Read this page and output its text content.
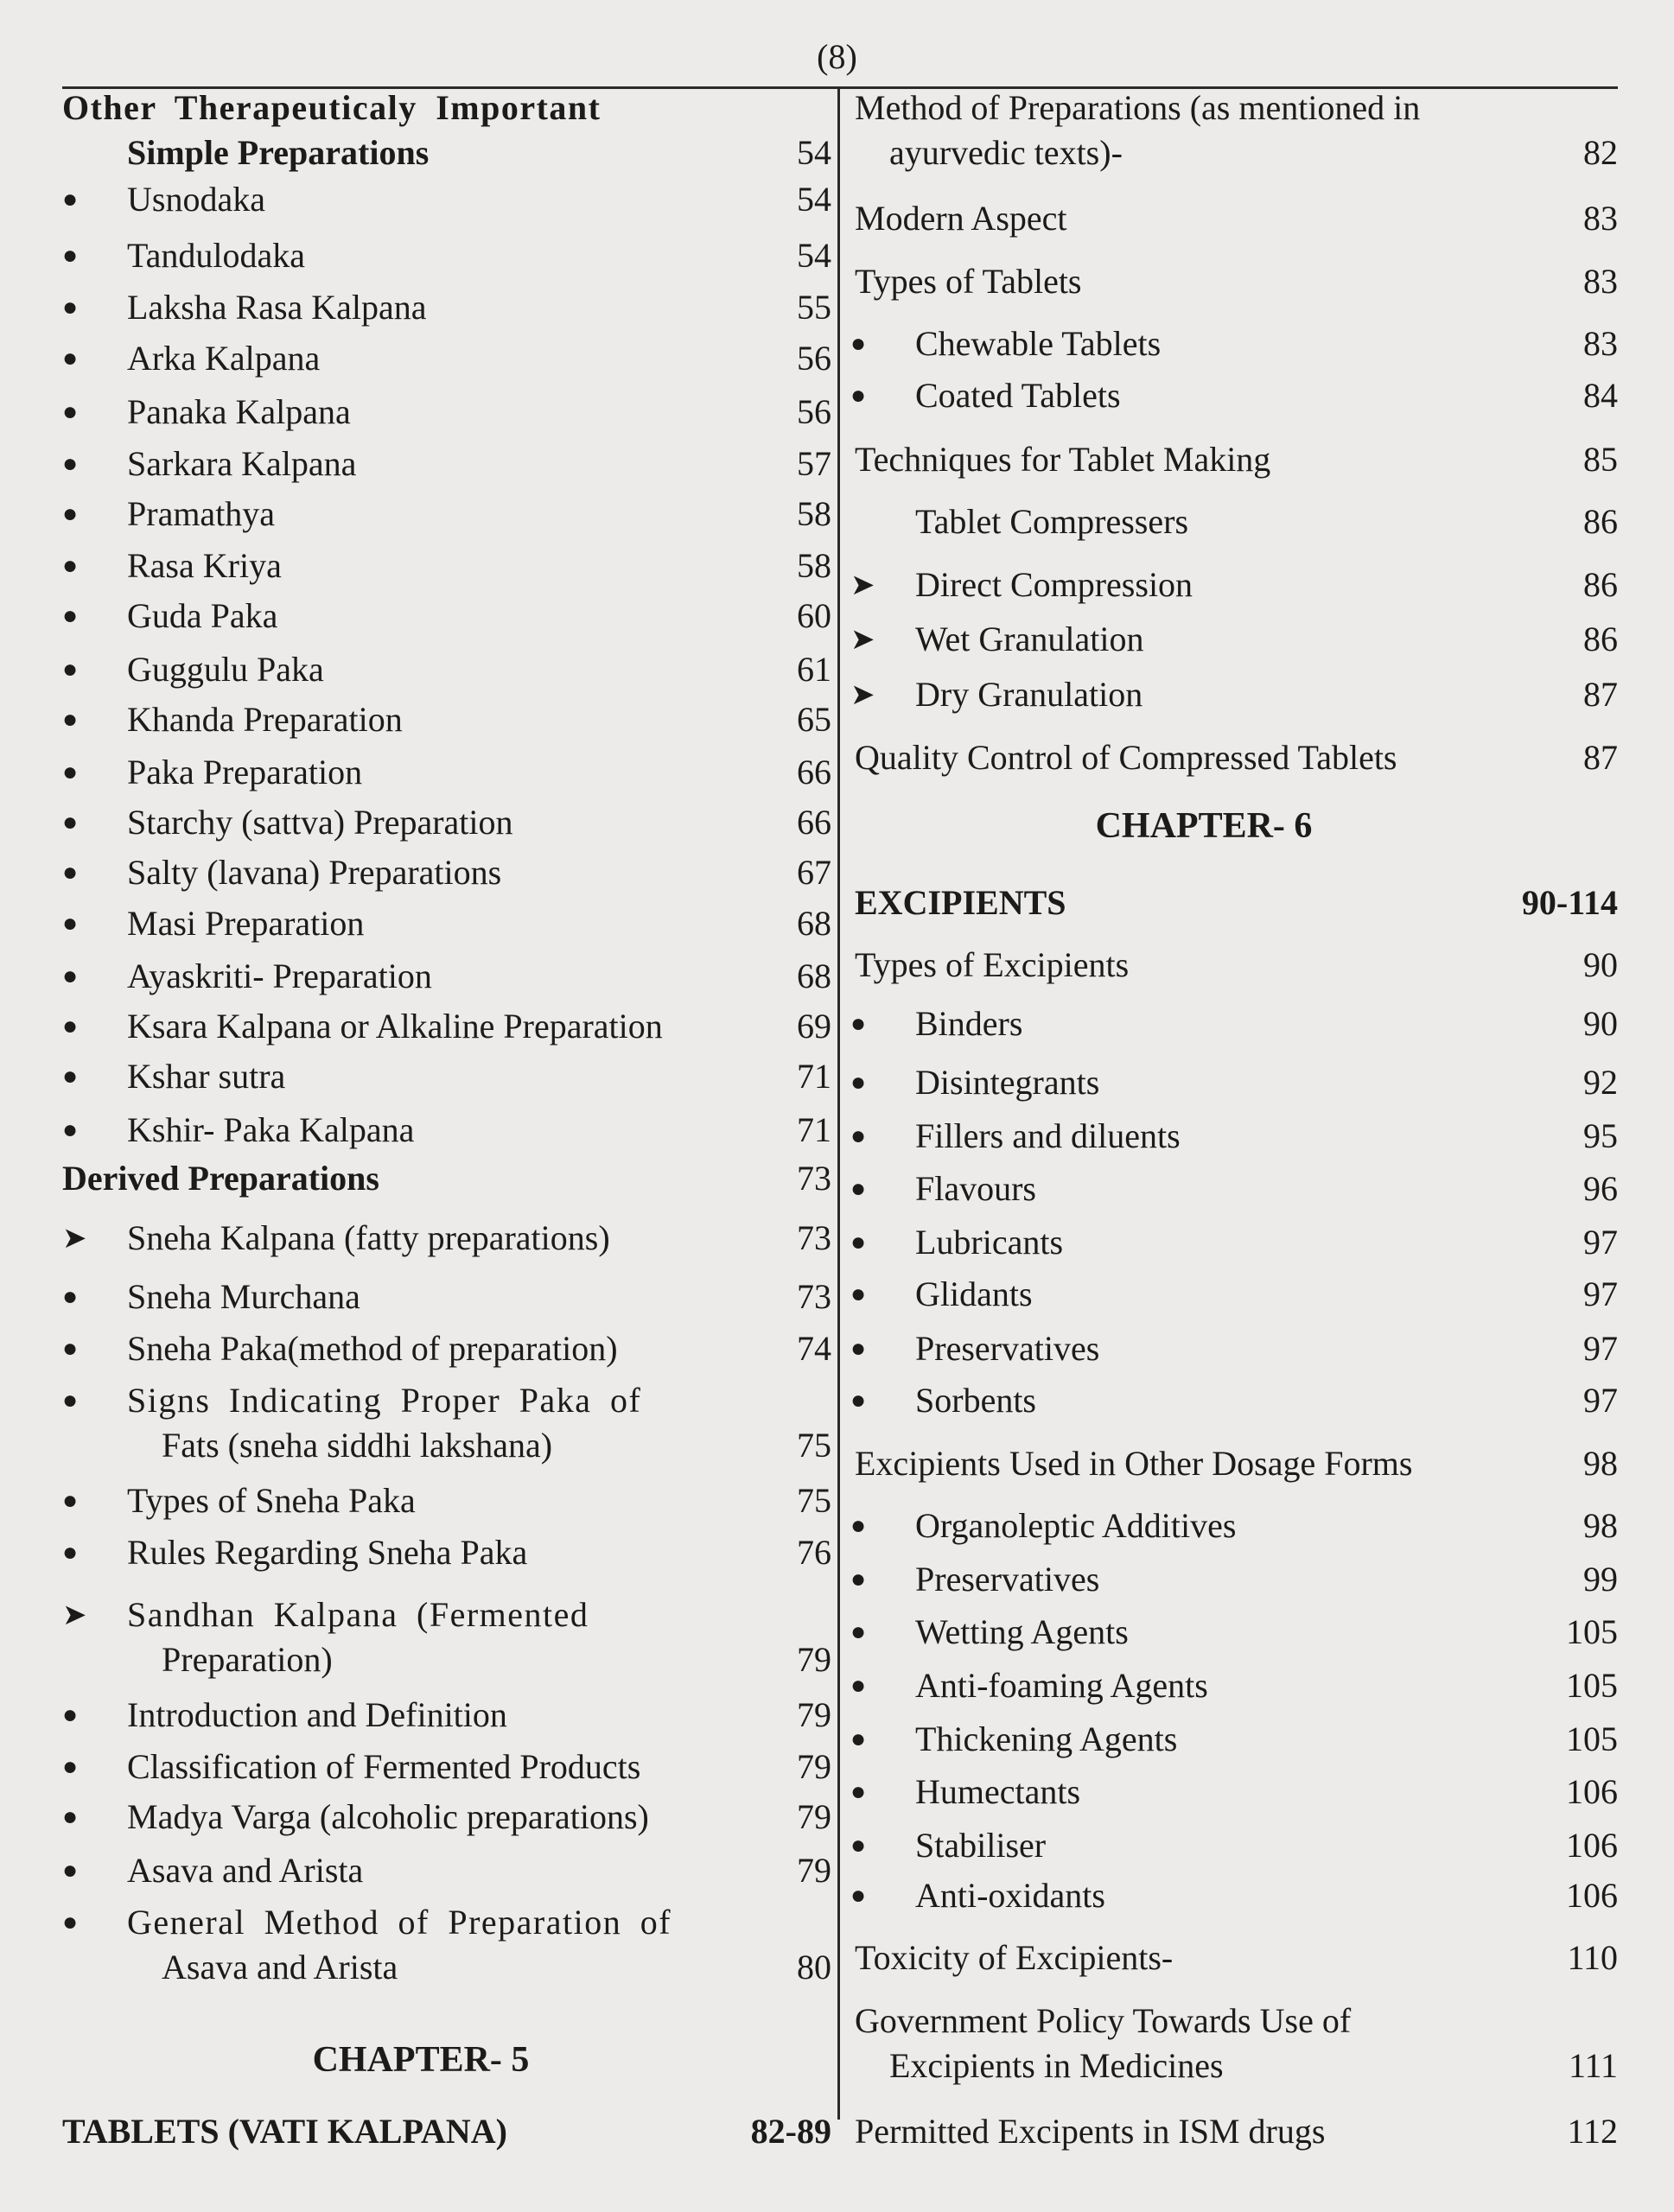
(8)
Other Therapeuticaly Important
Simple Preparations	54
●	Usnodaka	54
●	Tandulodaka	54
●	Laksha Rasa Kalpana	55
●	Arka Kalpana	56
●	Panaka Kalpana	56
●	Sarkara Kalpana	57
●	Pramathya	58
●	Rasa Kriya	58
●	Guda Paka	60
●	Guggulu Paka	61
●	Khanda Preparation	65
●	Paka Preparation	66
●	Starchy (sattva) Preparation	66
●	Salty (lavana) Preparations	67
●	Masi Preparation	68
●	Ayaskriti- Preparation	68
●	Ksara Kalpana or Alkaline Preparation	69
●	Kshar sutra	71
●	Kshir- Paka Kalpana	71
Derived Preparations	73
➤	Sneha Kalpana (fatty preparations)	73
●	Sneha Murchana	73
●	Sneha Paka(method of preparation)	74
●	Signs Indicating Proper Paka of
Fats (sneha siddhi lakshana)	75
●	Types of Sneha Paka	75
●	Rules Regarding Sneha Paka	76
➤	Sandhan Kalpana (Fermented
Preparation)	79
●	Introduction and Definition	79
●	Classification of Fermented Products	79
●	Madya Varga (alcoholic preparations)	79
●	Asava and Arista	79
●	General Method of Preparation of
Asava and Arista	80
CHAPTER- 5
TABLETS (VATI KALPANA)	82-89
Method of Preparations (as mentioned in
ayurvedic texts)-	82
Modern Aspect	83
Types of Tablets	83
●	Chewable Tablets	83
●	Coated Tablets	84
Techniques for Tablet Making	85
Tablet Compressers	86
➤	Direct Compression	86
➤	Wet Granulation	86
➤	Dry Granulation	87
Quality Control of Compressed Tablets	87
CHAPTER- 6
EXCIPIENTS	90-114
Types of Excipients	90
●	Binders	90
●	Disintegrants	92
●	Fillers and diluents	95
●	Flavours	96
●	Lubricants	97
●	Glidants	97
●	Preservatives	97
●	Sorbents	97
Excipients Used in Other Dosage Forms	98
●	Organoleptic Additives	98
●	Preservatives	99
●	Wetting Agents	105
●	Anti-foaming Agents	105
●	Thickening Agents	105
●	Humectants	106
●	Stabiliser	106
●	Anti-oxidants	106
Toxicity of Excipients-	110
Government Policy Towards Use of
Excipients in Medicines	111
Permitted Excipents in ISM drugs	112
